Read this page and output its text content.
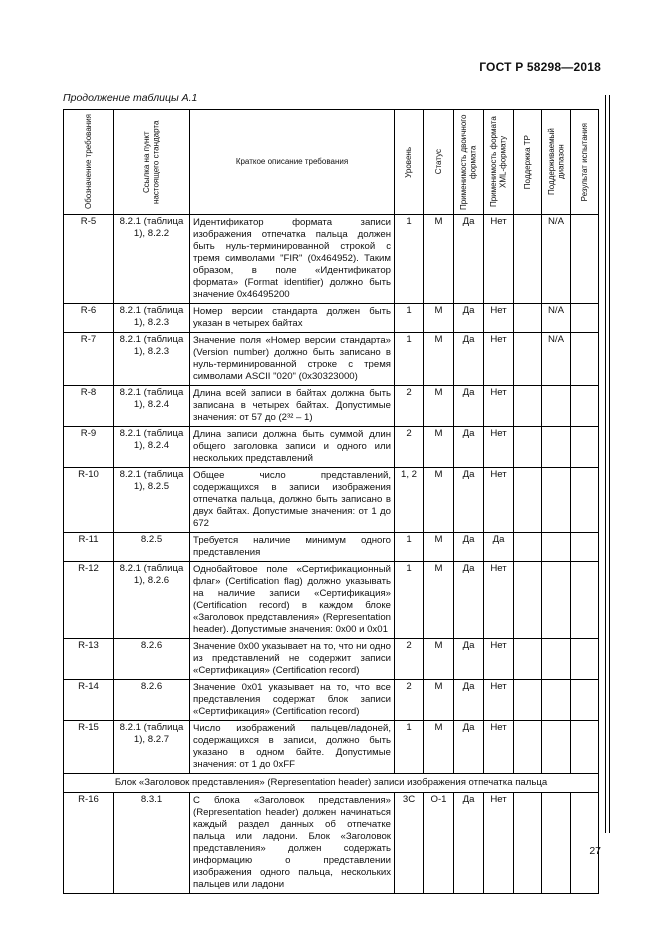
ГОСТ Р 58298—2018
Продолжение таблицы А.1
Обозначение требования	Ссылка на пункт настоящего стандарта	Краткое описание требования	Уровень	Статус	Применимость двоичного формата	Применимость формата XML-формату	Поддержка ТР	Поддерживаемый диапазон	Результат испытания

R-5	8.2.1 (таблица 1), 8.2.2	Идентификатор формата записи изображения отпечатка пальца должен быть нуль-терминированной строкой с тремя символами "FIR" (0x464952). Таким образом, в поле «Идентификатор формата» (Format identifier) должно быть значение 0x46495200	1	M	Да	Нет		N/A	
R-6	8.2.1 (таблица 1), 8.2.3	Номер версии стандарта должен быть указан в четырех байтах	1	M	Да	Нет		N/A	
R-7	8.2.1 (таблица 1), 8.2.3	Значение поля «Номер версии стандарта» (Version number) должно быть записано в нуль-терминированной строке с тремя символами ASCII "020" (0x30323000)	1	M	Да	Нет		N/A	
R-8	8.2.1 (таблица 1), 8.2.4	Длина всей записи в байтах должна быть записана в четырех байтах. Допустимые значения: от 57 до (2³² – 1)	2	M	Да	Нет			
R-9	8.2.1 (таблица 1), 8.2.4	Длина записи должна быть суммой длин общего заголовка записи и одного или нескольких представлений	2	M	Да	Нет			
R-10	8.2.1 (таблица 1), 8.2.5	Общее число представлений, содержащихся в записи изображения отпечатка пальца, должно быть записано в двух байтах. Допустимые значения: от 1 до 672	1, 2	M	Да	Нет			
R-11	8.2.5	Требуется наличие минимум одного представления	1	M	Да	Да			
R-12	8.2.1 (таблица 1), 8.2.6	Однобайтовое поле «Сертификационный флаг» (Certification flag) должно указывать на наличие записи «Сертификация» (Certification record) в каждом блоке «Заголовок представления» (Representation header). Допустимые значения: 0x00 и 0x01	1	M	Да	Нет			
R-13	8.2.6	Значение 0x00 указывает на то, что ни одно из представлений не содержит записи «Сертификация» (Certification record)	2	M	Да	Нет			
R-14	8.2.6	Значение 0x01 указывает на то, что все представления содержат блок записи «Сертификация» (Certification record)	2	M	Да	Нет			
R-15	8.2.1 (таблица 1), 8.2.7	Число изображений пальцев/ладоней, содержащихся в записи, должно быть указано в одном байте. Допустимые значения: от 1 до 0xFF	1	M	Да	Нет			
Блок «Заголовок представления» (Representation header) записи изображения отпечатка пальца									
R-16	8.3.1	С блока «Заголовок представления» (Representation header) должен начинаться каждый раздел данных об отпечатке пальца или ладони. Блок «Заголовок представления» должен содержать информацию о представлении изображения одного пальца, нескольких пальцев или ладони	3С	О-1	Да	Нет			
27
